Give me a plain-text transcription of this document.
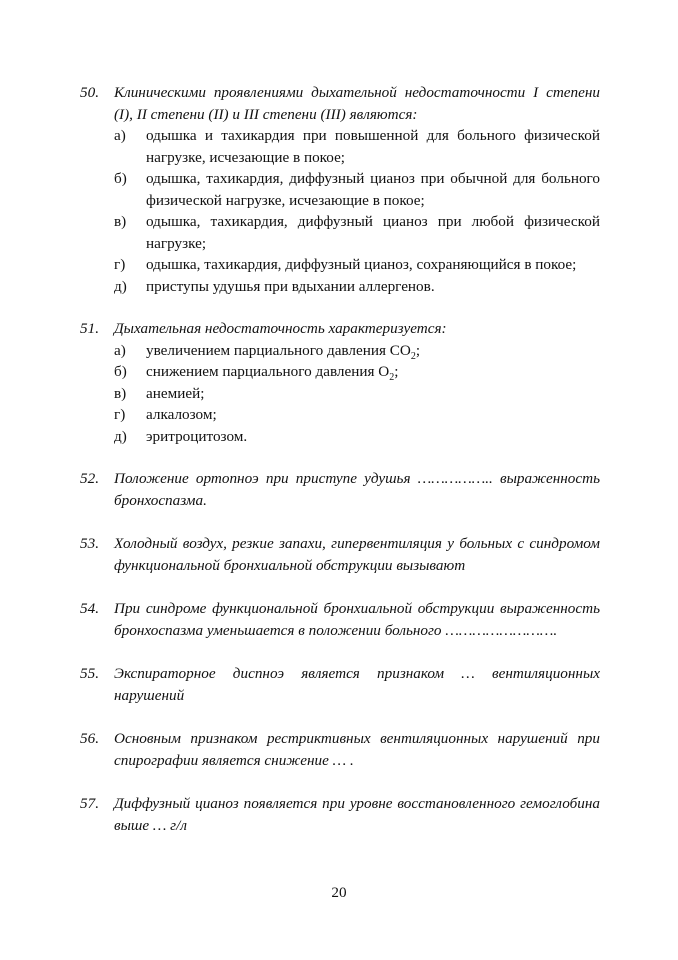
50. Клиническими проявлениями дыхательной недостаточности I степени (I), II степени (II) и III степени (III) являются:
а) одышка и тахикардия при повышенной для больного физической нагрузке, исчезающие в покое;
б) одышка, тахикардия, диффузный цианоз при обычной для больного физической нагрузке, исчезающие в покое;
в) одышка, тахикардия, диффузный цианоз при любой физической нагрузке;
г) одышка, тахикардия, диффузный цианоз, сохраняющийся в покое;
д) приступы удушья при вдыхании аллергенов.
51. Дыхательная недостаточность характеризуется:
а) увеличением парциального давления $CO_2$;
б) снижением парциального давления $O_2$;
в) анемией;
г) алкалозом;
д) эритроцитозом.
52. Положение ортопноэ при приступе удушья …………….. выраженность бронхоспазма.
53. Холодный воздух, резкие запахи, гипервентиляция у больных с синдромом функциональной бронхиальной обструкции вызывают
54. При синдроме функциональной бронхиальной обструкции выраженность бронхоспазма уменьшается в положении больного …………………….
55. Экспираторное диспноэ является признаком … вентиляционных нарушений
56. Основным признаком рестриктивных вентиляционных нарушений при спирографии является снижение … .
57. Диффузный цианоз появляется при уровне восстановленного гемоглобина выше … г/л
20
